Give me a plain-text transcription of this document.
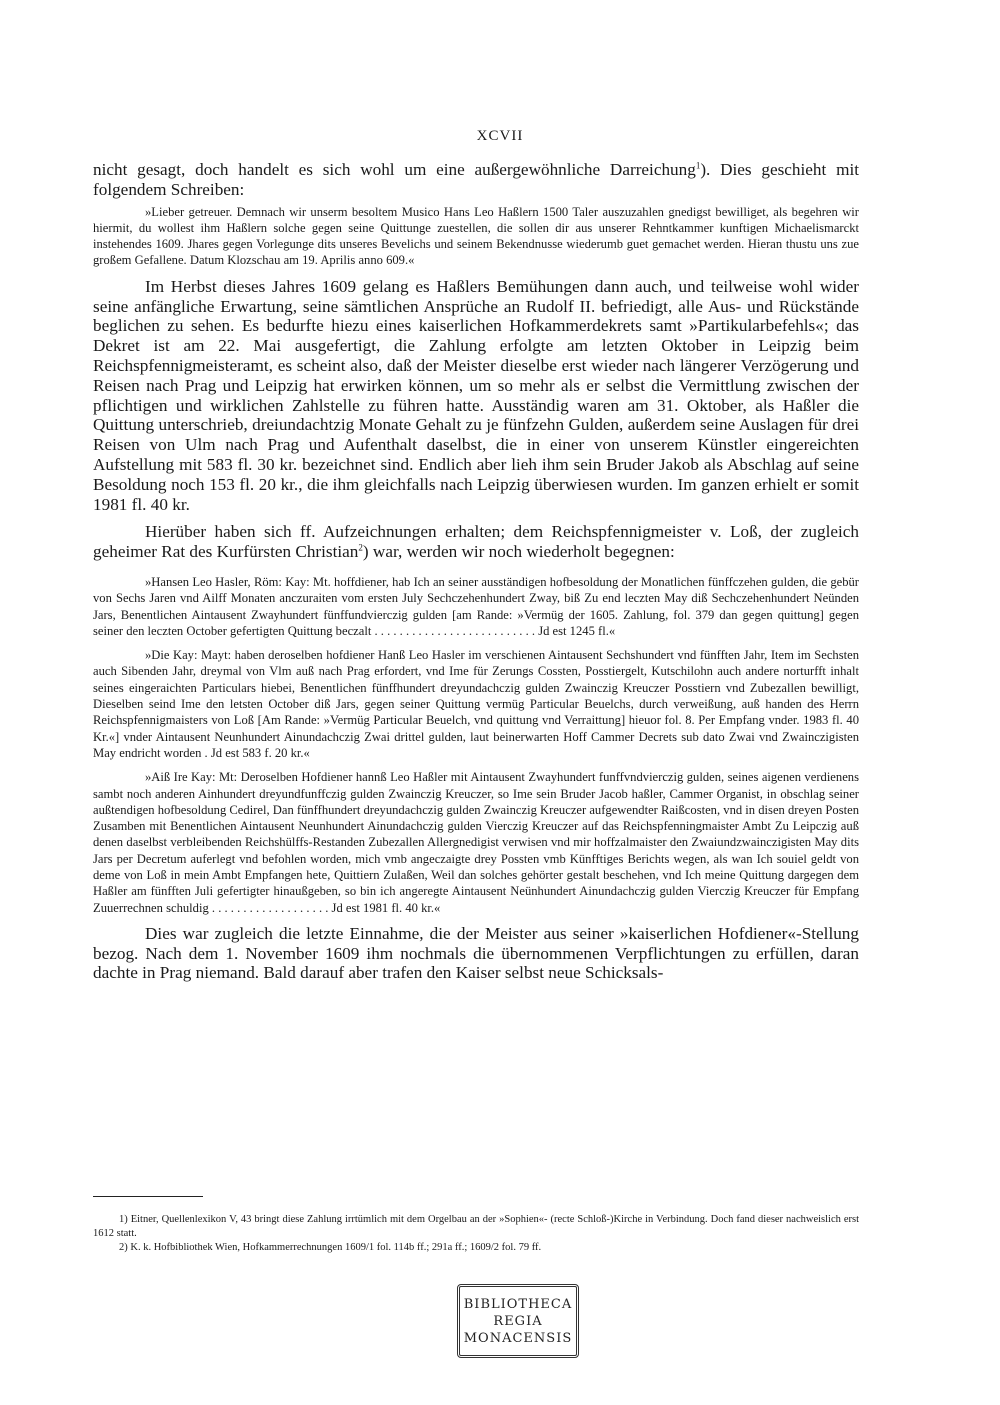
XCVII

nicht gesagt, doch handelt es sich wohl um eine außergewöhnliche Darreichung$^1$). Dies geschieht mit folgendem Schreiben:

»Lieber getreuer. Demnach wir unserm besoltem Musico Hans Leo Haßlern 1500 Taler auszuzahlen gnedigst bewilliget, als begehren wir hiermit, du wollest ihm Haßlern solche gegen seine Quittunge zuestellen, die sollen dir aus unserer Rehntkammer kunftigen Michaelismarckt instehendes 1609. Jhares gegen Vorlegunge dits unseres Bevelichs und seinem Bekendnusse wiederumb guet gemachet werden. Hieran thustu uns zue großem Gefallene. Datum Klozschau am 19. Aprilis anno 609.«

Im Herbst dieses Jahres 1609 gelang es Haßlers Bemühungen dann auch, und teilweise wohl wider seine anfängliche Erwartung, seine sämtlichen Ansprüche an Rudolf II. befriedigt, alle Aus- und Rückstände beglichen zu sehen. Es bedurfte hiezu eines kaiserlichen Hofkammerdekrets samt »Partikularbefehls«; das Dekret ist am 22. Mai ausgefertigt, die Zahlung erfolgte am letzten Oktober in Leipzig beim Reichspfennigmeisteramt, es scheint also, daß der Meister dieselbe erst wieder nach längerer Verzögerung und Reisen nach Prag und Leipzig hat erwirken können, um so mehr als er selbst die Vermittlung zwischen der pflichtigen und wirklichen Zahlstelle zu führen hatte. Ausständig waren am 31. Oktober, als Haßler die Quittung unterschrieb, dreiundachtzig Monate Gehalt zu je fünfzehn Gulden, außerdem seine Auslagen für drei Reisen von Ulm nach Prag und Aufenthalt daselbst, die in einer von unserem Künstler eingereichten Aufstellung mit 583 fl. 30 kr. bezeichnet sind. Endlich aber lieh ihm sein Bruder Jakob als Abschlag auf seine Besoldung noch 153 fl. 20 kr., die ihm gleichfalls nach Leipzig überwiesen wurden. Im ganzen erhielt er somit 1981 fl. 40 kr.

Hierüber haben sich ff. Aufzeichnungen erhalten; dem Reichspfennigmeister v. Loß, der zugleich geheimer Rat des Kurfürsten Christian$^2$) war, werden wir noch wiederholt begegnen:

»Hansen Leo Hasler, Röm: Kay: Mt. hoffdiener, hab Ich an seiner ausständigen hofbesoldung der Monatlichen fünffczehen gulden, die gebür von Sechs Jaren vnd Ailff Monaten anczuraiten vom ersten July Sechczehenhundert Zway, biß Zu end leczten May diß Sechczehenhundert Neünden Jars, Benentlichen Aintausent Zwayhundert fünffundvierczig gulden [am Rande: »Vermüg der 1605. Zahlung, fol. 379 dan gegen quittung] gegen seiner den leczten October gefertigten Quittung beczalt . . . . . . . . . . . . . . . . . . . . . . . . . . Jd est 1245 fl.«

»Die Kay: Mayt: haben deroselben hofdiener Hanß Leo Hasler im verschienen Aintausent Sechshundert vnd fünfften Jahr, Item im Sechsten auch Sibenden Jahr, dreymal von Vlm auß nach Prag erfordert, vnd Ime für Zerungs Cossten, Posstiergelt, Kutschilohn auch andere norturfft inhalt seines eingeraichten Particulars hiebei, Benentlichen fünffhundert dreyundachczig gulden Zwainczig Kreuczer Posstiern vnd Zubezallen bewilligt, Dieselben seind Ime den letsten October diß Jars, gegen seiner Quittung vermüg Particular Beuelchs, durch verweißung, auß handen des Herrn Reichspfennigmaisters von Loß [Am Rande: »Vermüg Particular Beuelch, vnd quittung vnd Verraittung] hieuor fol. 8. Per Empfang vnder. 1983 fl. 40 Kr.«] vnder Aintausent Neunhundert Ainundachczig Zwai drittel gulden, laut beinerwarten Hoff Cammer Decrets sub dato Zwai vnd Zwainczigisten May endricht worden . Jd est 583 f. 20 kr.«

»Aiß Ire Kay: Mt: Deroselben Hofdiener hannß Leo Haßler mit Aintausent Zwayhundert funffvndvierczig gulden, seines aigenen verdienens sambt noch anderen Ainhundert dreyundfunffczig gulden Zwainczig Kreuczer, so Ime sein Bruder Jacob haßler, Cammer Organist, in obschlag seiner außtendigen hofbesoldung Cedirel, Dan fünffhundert dreyundachczig gulden Zwainczig Kreuczer aufgewendter Raißcosten, vnd in disen dreyen Posten Zusamben mit Benentlichen Aintausent Neunhundert Ainundachczig gulden Vierczig Kreuczer auf das Reichspfenningmaister Ambt Zu Leipczig auß denen daselbst verbleibenden Reichshülffs-Restanden Zubezallen Allergnedigist verwisen vnd mir hoffzalmaister den Zwaiundzwainczigisten May dits Jars per Decretum auferlegt vnd befohlen worden, mich vmb angeczaigte drey Possten vmb Künfftiges Berichts wegen, als wan Ich souiel geldt von deme von Loß in mein Ambt Empfangen hete, Quittiern Zulaßen, Weil dan solches gehörter gestalt beschehen, vnd Ich meine Quittung dargegen dem Haßler am fünfften Juli gefertigter hinaußgeben, so bin ich angeregte Aintausent Neünhundert Ainundachczig gulden Vierczig Kreuczer für Empfang Zuuerrechnen schuldig . . . . . . . . . . . . . . . . . . . Jd est 1981 fl. 40 kr.«

Dies war zugleich die letzte Einnahme, die der Meister aus seiner »kaiserlichen Hofdiener«-Stellung bezog. Nach dem 1. November 1609 ihm nochmals die übernommenen Verpflichtungen zu erfüllen, daran dachte in Prag niemand. Bald darauf aber trafen den Kaiser selbst neue Schicksals-

1) Eitner, Quellenlexikon V, 43 bringt diese Zahlung irrtümlich mit dem Orgelbau an der »Sophien«- (recte Schloß-)Kirche in Verbindung. Doch fand dieser nachweislich erst 1612 statt.

2) K. k. Hofbibliothek Wien, Hofkammerrechnungen 1609/1 fol. 114b ff.; 291a ff.; 1609/2 fol. 79 ff.

BIBLIOTHECA
REGIA
MONACENSIS
